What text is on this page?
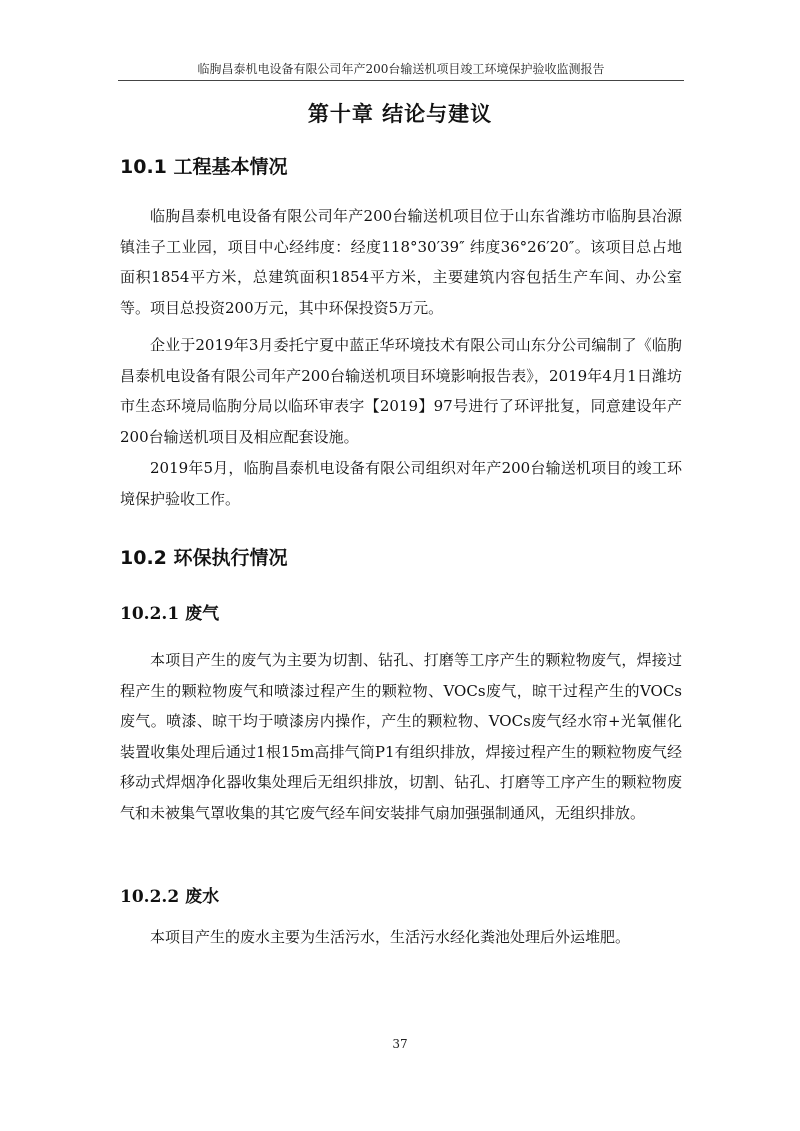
临朐昌泰机电设备有限公司年产200台输送机项目竣工环境保护验收监测报告
第十章 结论与建议
10.1 工程基本情况

临朐昌泰机电设备有限公司年产200台输送机项目位于山东省潍坊市临朐县冶源镇洼子工业园，项目中心经纬度：经度118°30′39″ 纬度36°26′20″。该项目总占地面积1854平方米，总建筑面积1854平方米，主要建筑内容包括生产车间、办公室等。项目总投资200万元，其中环保投资5万元。

企业于2019年3月委托宁夏中蓝正华环境技术有限公司山东分公司编制了《临朐昌泰机电设备有限公司年产200台输送机项目环境影响报告表》，2019年4月1日潍坊市生态环境局临朐分局以临环审表字【2019】97号进行了环评批复，同意建设年产200台输送机项目及相应配套设施。

2019年5月，临朐昌泰机电设备有限公司组织对年产200台输送机项目的竣工环境保护验收工作。

10.2 环保执行情况
10.2.1 废气

本项目产生的废气为主要为切割、钻孔、打磨等工序产生的颗粒物废气，焊接过程产生的颗粒物废气和喷漆过程产生的颗粒物、VOCs废气，晾干过程产生的VOCs废气。喷漆、晾干均于喷漆房内操作，产生的颗粒物、VOCs废气经水帘+光氧催化装置收集处理后通过1根15m高排气筒P1有组织排放，焊接过程产生的颗粒物废气经移动式焊烟净化器收集处理后无组织排放，切割、钻孔、打磨等工序产生的颗粒物废气和未被集气罩收集的其它废气经车间安装排气扇加强强制通风，无组织排放。

10.2.2 废水

本项目产生的废水主要为生活污水，生活污水经化粪池处理后外运堆肥。

37
